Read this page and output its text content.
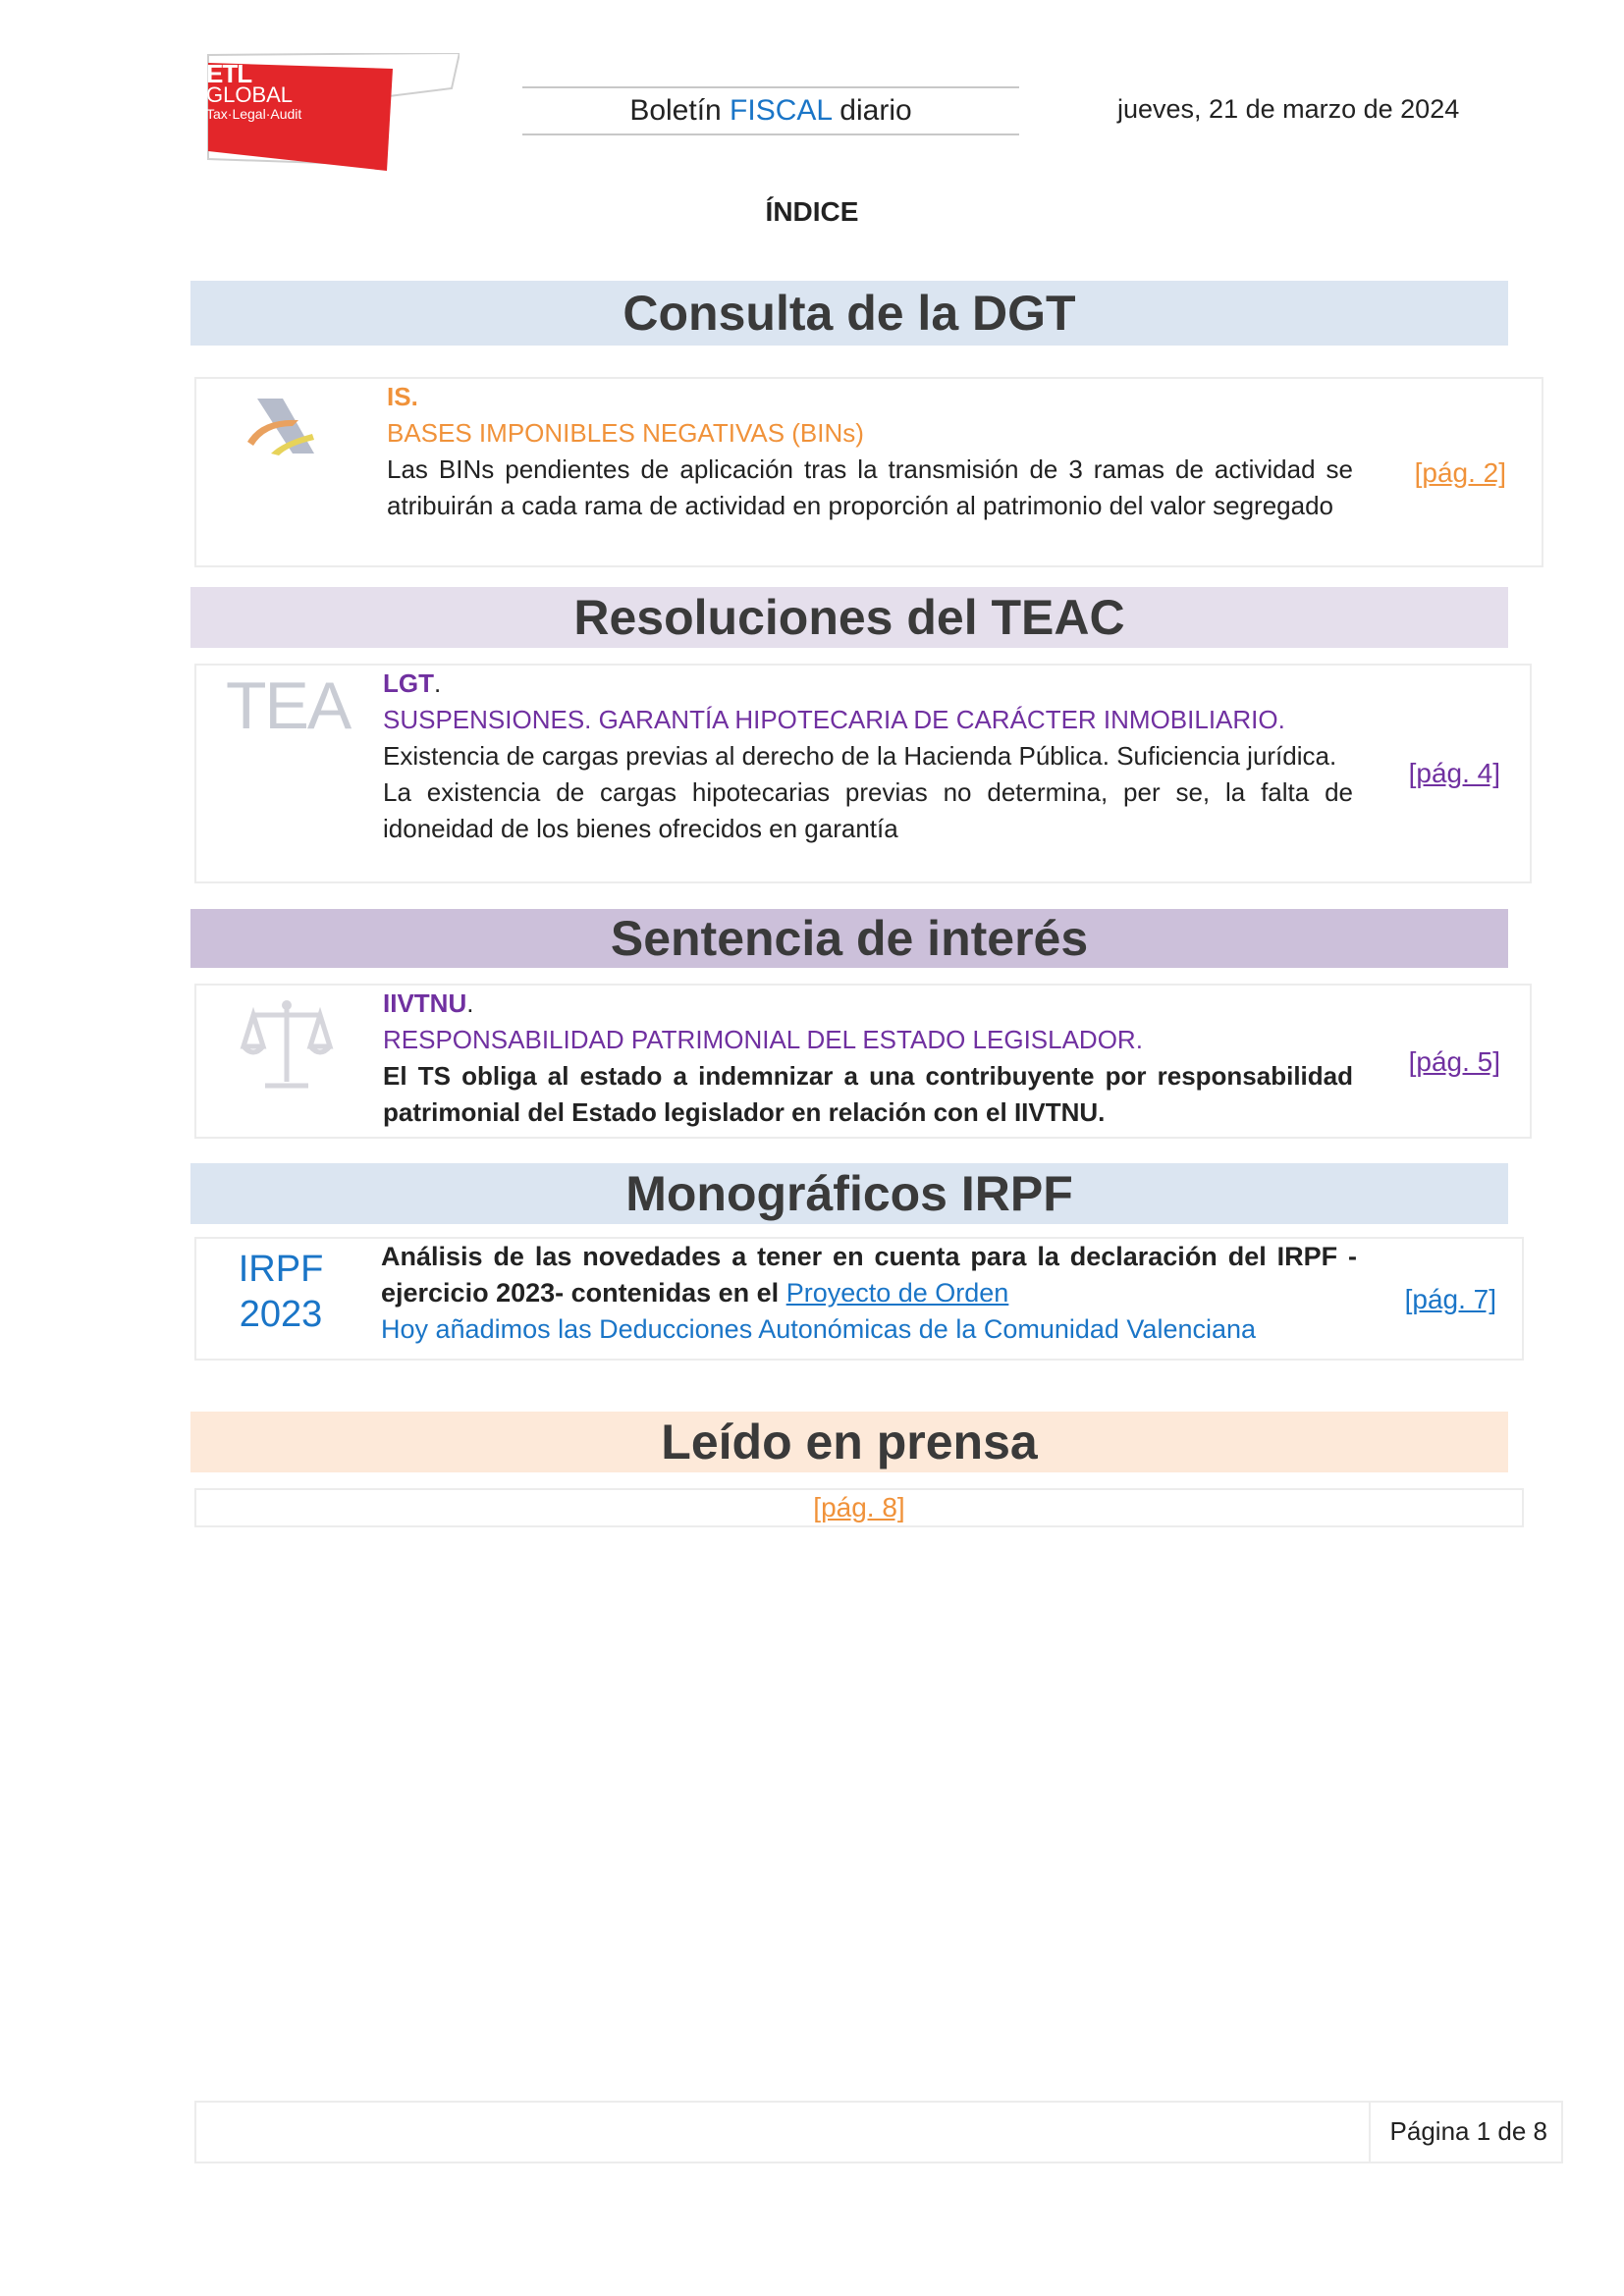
ETL
GLOBAL
Tax·Legal·Audit	Boletín FISCAL diario	jueves, 21 de marzo de 2024
ÍNDICE
Consulta de la DGT
IS.
BASES IMPONIBLES NEGATIVAS (BINs)
Las BINs pendientes de aplicación tras la transmisión de 3 ramas de actividad se atribuirán a cada rama de actividad en proporción al patrimonio del valor segregado
[pág. 2]
Resoluciones del TEAC
TEA LGT.
SUSPENSIONES. GARANTÍA HIPOTECARIA DE CARÁCTER INMOBILIARIO.
Existencia de cargas previas al derecho de la Hacienda Pública. Suficiencia jurídica.
La existencia de cargas hipotecarias previas no determina, per se, la falta de idoneidad de los bienes ofrecidos en garantía
[pág. 4]
Sentencia de interés
IIVTNU.
RESPONSABILIDAD PATRIMONIAL DEL ESTADO LEGISLADOR.
El TS obliga al estado a indemnizar a una contribuyente por responsabilidad patrimonial del Estado legislador en relación con el IIVTNU.
[pág. 5]
Monográficos IRPF
IRPF
2023
Análisis de las novedades a tener en cuenta para la declaración del IRPF - ejercicio 2023- contenidas en el Proyecto de Orden
Hoy añadimos las Deducciones Autonómicas de la Comunidad Valenciana
[pág. 7]
Leído en prensa
[pág. 8]
Página 1 de 8
